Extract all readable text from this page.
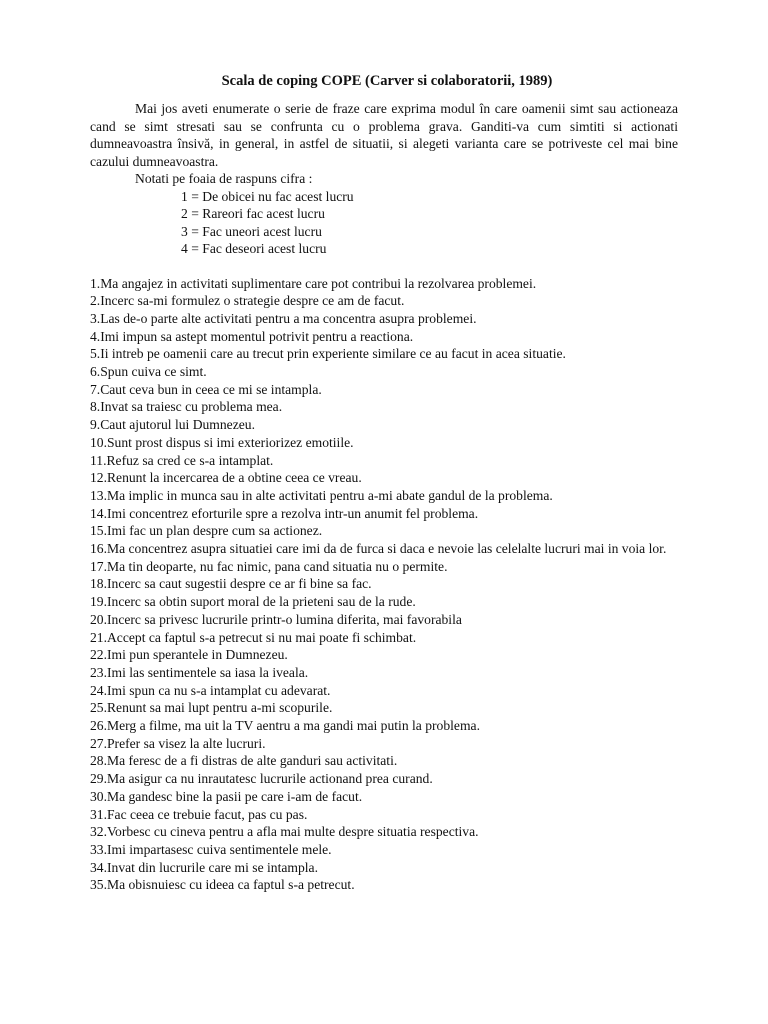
Scala de coping COPE (Carver si colaboratorii, 1989)

Mai jos aveti enumerate o serie de fraze care exprima modul în care oamenii simt sau actioneaza cand se simt stresati sau se confrunta cu o problema grava. Ganditi-va cum simtiti si actionati dumneavoastra însivă, in general, in astfel de situatii, si alegeti varianta care se potriveste cel mai bine cazului dumneavoastra.

Notati pe foaia de raspuns cifra :

1 = De obicei nu fac acest lucru
2 = Rareori fac acest lucru
3 = Fac uneori acest lucru
4 = Fac deseori acest lucru
1.Ma angajez in activitati suplimentare care pot contribui la rezolvarea problemei.
2.Incerc sa-mi formulez o strategie despre ce am de facut.
3.Las de-o parte alte activitati pentru a ma concentra asupra problemei.
4.Imi impun sa astept momentul potrivit pentru a reactiona.
5.Ii intreb pe oamenii care au trecut prin experiente similare ce au facut in acea situatie.
6.Spun cuiva ce simt.
7.Caut ceva bun in ceea ce mi se intampla.
8.Invat sa traiesc cu problema mea.
9.Caut ajutorul lui Dumnezeu.
10.Sunt prost dispus si imi exteriorizez emotiile.
11.Refuz sa cred ce s-a intamplat.
12.Renunt la incercarea de a obtine ceea ce vreau.
13.Ma implic in munca sau in alte activitati pentru a-mi abate gandul de la problema.
14.Imi concentrez eforturile spre a rezolva intr-un anumit fel problema.
15.Imi fac un plan despre cum sa actionez.
16.Ma concentrez asupra situatiei care imi da de furca si daca e nevoie las celelalte lucruri mai in voia lor.
17.Ma tin deoparte, nu fac nimic, pana cand situatia nu o permite.
18.Incerc sa caut sugestii despre ce ar fi bine sa fac.
19.Incerc sa obtin suport moral de la prieteni sau de la rude.
20.Incerc sa privesc lucrurile printr-o lumina diferita, mai favorabila
21.Accept ca faptul s-a petrecut si nu mai poate fi schimbat.
22.Imi pun sperantele in Dumnezeu.
23.Imi las sentimentele sa iasa la iveala.
24.Imi spun ca nu s-a intamplat cu adevarat.
25.Renunt sa mai lupt pentru a-mi scopurile.
26.Merg a filme, ma uit la TV aentru a ma gandi mai putin la problema.
27.Prefer sa visez la alte lucruri.
28.Ma feresc de a fi distras de alte ganduri sau activitati.
29.Ma asigur ca nu inrautatesc lucrurile actionand prea curand.
30.Ma gandesc bine la pasii pe care i-am de facut.
31.Fac ceea ce trebuie facut, pas cu pas.
32.Vorbesc cu cineva pentru a afla mai multe despre situatia respectiva.
33.Imi impartasesc cuiva sentimentele mele.
34.Invat din lucrurile care mi se intampla.
35.Ma obisnuiesc cu ideea ca faptul s-a petrecut.
